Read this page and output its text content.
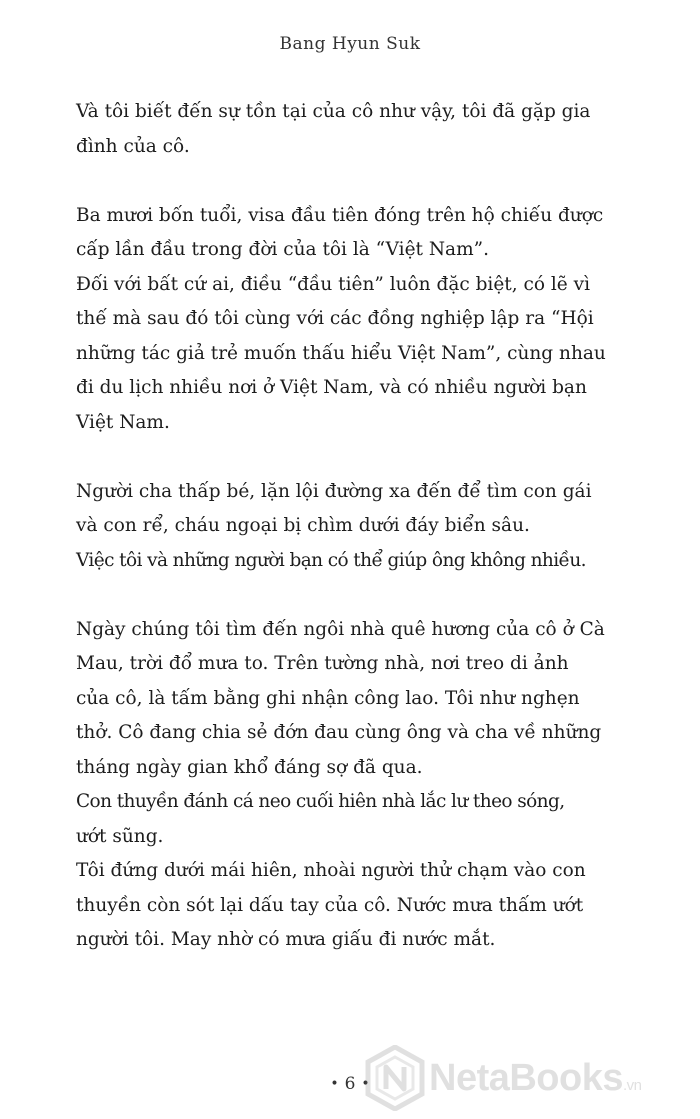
Bang Hyun Suk

Và tôi biết đến sự tồn tại của cô như vậy, tôi đã gặp gia
đình của cô.

Ba mươi bốn tuổi, visa đầu tiên đóng trên hộ chiếu được
cấp lần đầu trong đời của tôi là “Việt Nam”.
Đối với bất cứ ai, điều “đầu tiên” luôn đặc biệt, có lẽ vì
thế mà sau đó tôi cùng với các đồng nghiệp lập ra “Hội
những tác giả trẻ muốn thấu hiểu Việt Nam”, cùng nhau
đi du lịch nhiều nơi ở Việt Nam, và có nhiều người bạn
Việt Nam.

Người cha thấp bé, lặn lội đường xa đến để tìm con gái
và con rể, cháu ngoại bị chìm dưới đáy biển sâu.
Việc tôi và những người bạn có thể giúp ông không nhiều.

Ngày chúng tôi tìm đến ngôi nhà quê hương của cô ở Cà
Mau, trời đổ mưa to. Trên tường nhà, nơi treo di ảnh
của cô, là tấm bằng ghi nhận công lao. Tôi như nghẹn
thở. Cô đang chia sẻ đớn đau cùng ông và cha về những
tháng ngày gian khổ đáng sợ đã qua.
Con thuyền đánh cá neo cuối hiên nhà lắc lư theo sóng,
ướt sũng.
Tôi đứng dưới mái hiên, nhoài người thử chạm vào con
thuyền còn sót lại dấu tay của cô. Nước mưa thấm ướt
người tôi. May nhờ có mưa giấu đi nước mắt.

• 6 •	NetaBooks.vn
